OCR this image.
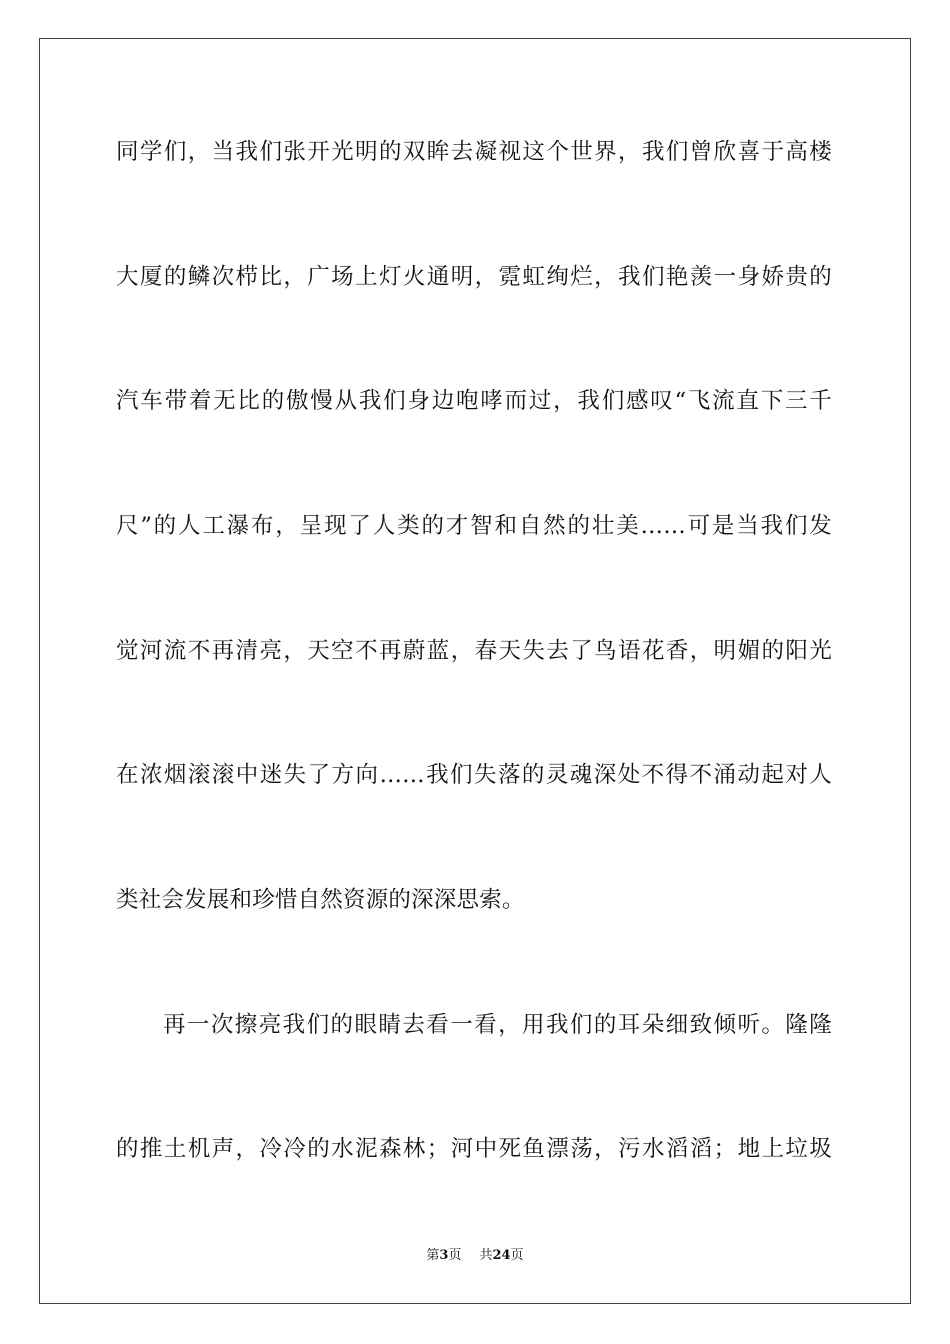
同学们，当我们张开光明的双眸去凝视这个世界，我们曾欣喜于高楼
大厦的鳞次栉比，广场上灯火通明，霓虹绚烂，我们艳羡一身娇贵的
汽车带着无比的傲慢从我们身边咆哮而过，我们感叹“飞流直下三千
尺”的人工瀑布，呈现了人类的才智和自然的壮美……可是当我们发
觉河流不再清亮，天空不再蔚蓝，春天失去了鸟语花香，明媚的阳光
在浓烟滚滚中迷失了方向……我们失落的灵魂深处不得不涌动起对人
类社会发展和珍惜自然资源的深深思索。
再一次擦亮我们的眼睛去看一看，用我们的耳朵细致倾听。隆隆
的推土机声，冷冷的水泥森林；河中死鱼漂荡，污水滔滔；地上垃圾
第3页 共24页
